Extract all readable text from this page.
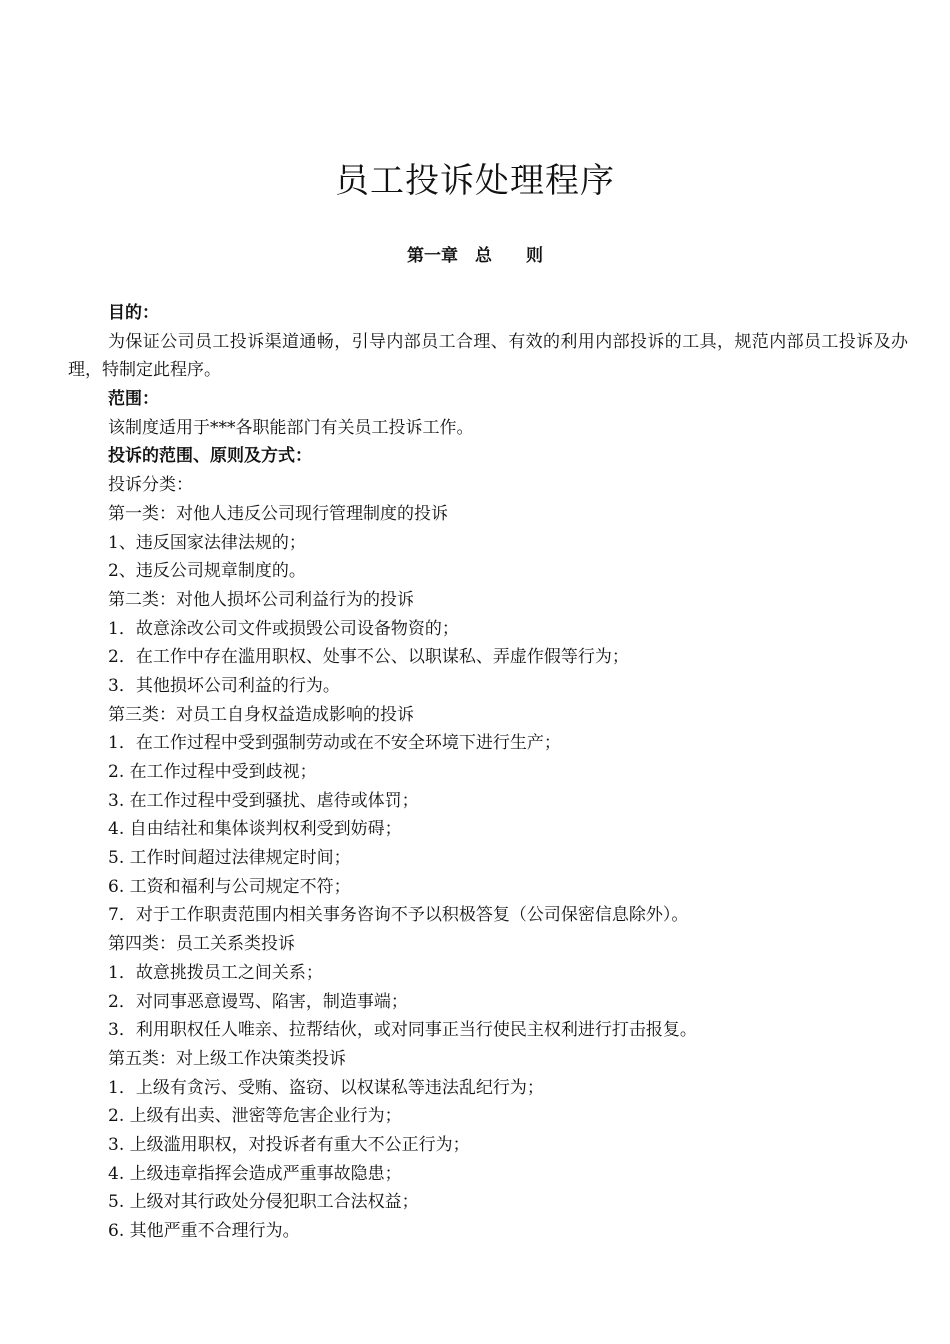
员工投诉处理程序
第一章　总　　则

目的：

为保证公司员工投诉渠道通畅，引导内部员工合理、有效的利用内部投诉的工具，规范内部员工投诉及办理，特制定此程序。

范围：

该制度适用于***各职能部门有关员工投诉工作。

投诉的范围、原则及方式：

投诉分类：

第一类：对他人违反公司现行管理制度的投诉

1、违反国家法律法规的；

2、违反公司规章制度的。

第二类：对他人损坏公司利益行为的投诉

1．故意涂改公司文件或损毁公司设备物资的；

2．在工作中存在滥用职权、处事不公、以职谋私、弄虚作假等行为；

3．其他损坏公司利益的行为。

第三类：对员工自身权益造成影响的投诉

1．在工作过程中受到强制劳动或在不安全环境下进行生产；

2. 在工作过程中受到歧视；

3. 在工作过程中受到骚扰、虐待或体罚；

4. 自由结社和集体谈判权利受到妨碍；

5. 工作时间超过法律规定时间；

6. 工资和福利与公司规定不符；

7．对于工作职责范围内相关事务咨询不予以积极答复（公司保密信息除外）。

第四类：员工关系类投诉

1．故意挑拨员工之间关系；

2．对同事恶意谩骂、陷害，制造事端；

3．利用职权任人唯亲、拉帮结伙，或对同事正当行使民主权利进行打击报复。

第五类：对上级工作决策类投诉

1．上级有贪污、受贿、盗窃、以权谋私等违法乱纪行为；

2. 上级有出卖、泄密等危害企业行为；

3. 上级滥用职权，对投诉者有重大不公正行为；

4. 上级违章指挥会造成严重事故隐患；

5. 上级对其行政处分侵犯职工合法权益；

6. 其他严重不合理行为。
